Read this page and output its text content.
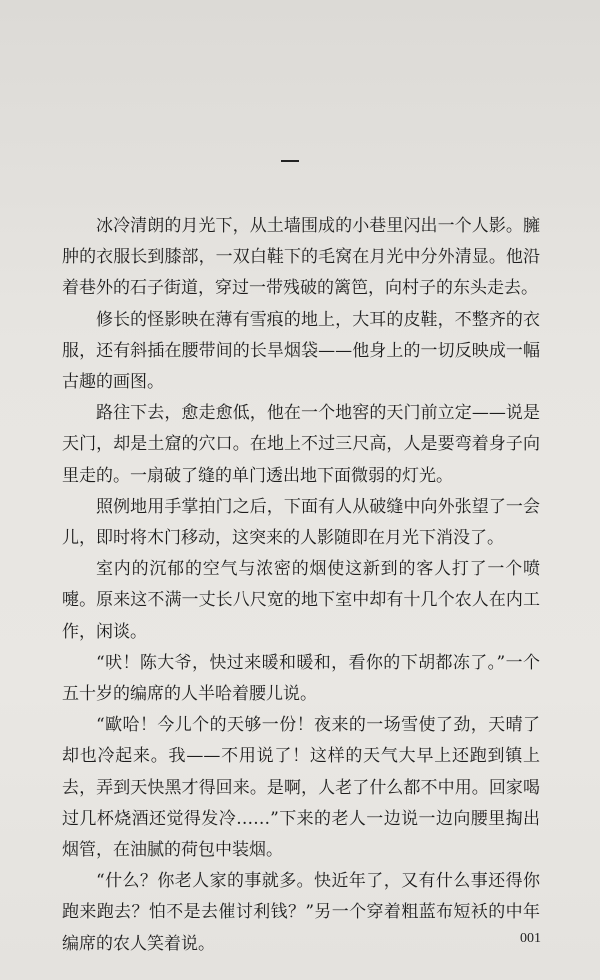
冰冷清朗的月光下，从土墙围成的小巷里闪出一个人影。臃肿的衣服长到膝部，一双白鞋下的毛窝在月光中分外清显。他沿着巷外的石子街道，穿过一带残破的篱笆，向村子的东头走去。

修长的怪影映在薄有雪痕的地上，大耳的皮鞋，不整齐的衣服，还有斜插在腰带间的长旱烟袋——他身上的一切反映成一幅古趣的画图。

路往下去，愈走愈低，他在一个地窖的天门前立定——说是天门，却是土窟的穴口。在地上不过三尺高，人是要弯着身子向里走的。一扇破了缝的单门透出地下面微弱的灯光。

照例地用手掌拍门之后，下面有人从破缝中向外张望了一会儿，即时将木门移动，这突来的人影随即在月光下消没了。

室内的沉郁的空气与浓密的烟使这新到的客人打了一个喷嚏。原来这不满一丈长八尺宽的地下室中却有十几个农人在内工作，闲谈。

“吠！陈大爷，快过来暖和暖和，看你的下胡都冻了。”一个五十岁的编席的人半哈着腰儿说。

“歐哈！今儿个的天够一份！夜来的一场雪使了劲，天晴了却也冷起来。我——不用说了！这样的天气大早上还跑到镇上去，弄到天快黑才得回来。是啊，人老了什么都不中用。回家喝过几杯烧酒还觉得发冷……”下来的老人一边说一边向腰里掏出烟管，在油腻的荷包中装烟。

“什么？你老人家的事就多。快近年了，又有什么事还得你跑来跑去？怕不是去催讨利钱？”另一个穿着粗蓝布短袄的中年编席的农人笑着说。	001
